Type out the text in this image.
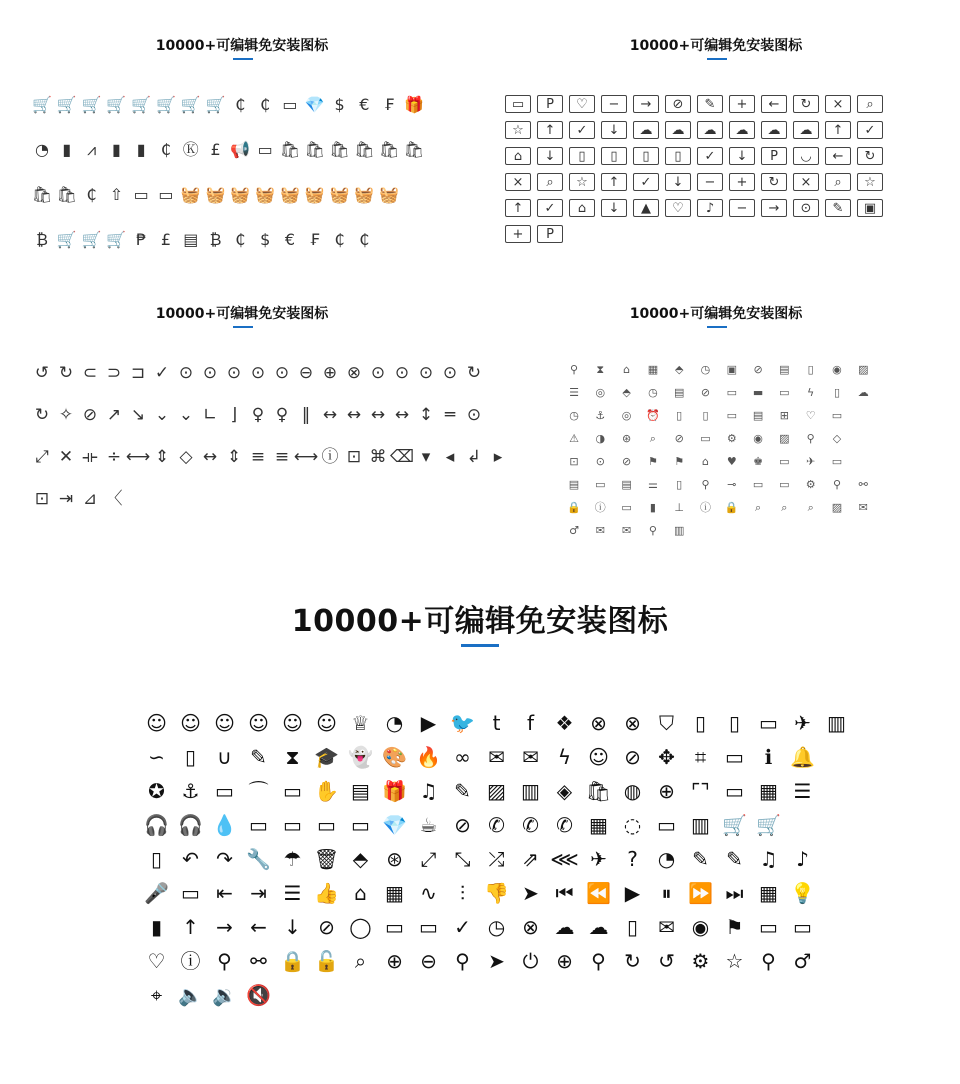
10000+可编辑免安装图标	10000+可编辑免安装图标
10000+可编辑免安装图标	10000+可编辑免安装图标
10000+可编辑免安装图标
🛒 🛒 🛒 🛒 🛒 🛒 🛒 🛒 ₵ ₵ ▭ 💎 $ € ₣ 🎁
◔ ▮ ⩘ ▮ ▮ ₵ Ⓚ £ 📢 ▭ 🛍 🛍 🛍 🛍 🛍 🛍
🛍 🛍 ₵ ⇧ ▭ ▭ 🧺 🧺 🧺 🧺 🧺 🧺 🧺 🧺 🧺
₿ 🛒 🛒 🛒 ₱ £ ▤ ₿ ₵ $ € ₣ ₵ ₵
▭	P	♡	−	→	⊘	✎	+	←	↻	×	⌕
☆	↑	✓	↓	☁	☁	☁	☁	☁	☁	↑	✓
⌂	↓	▯	▯	▯	▯	✓	↓	P	◡	←	↻
×	⌕	☆	↑	✓	↓	−	+	↻	×	⌕	☆
↑	✓	⌂	↓	▲	♡	♪	−	→	⊙	✎	▣
+	P
↺ ↻ ⊂ ⊃ ⊐ ✓ ⊙ ⊙ ⊙ ⊙ ⊙ ⊖ ⊕ ⊗ ⊙ ⊙ ⊙ ⊙ ↻
↻ ✧ ⊘ ↗ ↘ ⌄ ⌄ ∟ ⌋ ♀ ♀ ‖ ↔ ↔ ↔ ↔ ↕ ═ ⊙
⤢ ✕ ⟛ ÷ ⟷ ⇕ ◇ ↔ ⇕ ≡ ≡ ⟷ ⓘ ⊡ ⌘ ⌫ ▾ ◂ ↲ ▸
⊡ ⇥ ⊿ 〈
⚲	⧗	⌂	▦	⬘	◷	▣	⊘	▤	▯	◉	▨
☰	◎	⬘	◷	▤	⊘	▭	▬	▭	ϟ	▯	☁
◷	⚓	◎	⏰	▯	▯	▭	▤	⊞	♡	▭
⚠	◑	⊛	⌕	⊘	▭	⚙	◉	▨	⚲	◇
⊡	⊙	⊘	⚑	⚑	⌂	♥	♚	▭	✈	▭
▤	▭	▤	⚌	▯	⚲	⊸	▭	▭	⚙	⚲	⚯
🔒	ⓘ	▭	▮	⊥	ⓘ	🔒	⌕	⌕	⌕	▨	✉
♂	✉	✉	⚲	▥
☺ ☺ ☺ ☺ ☺ ☺ ♕ ◔ ▶ 🐦 t	f	❖ ⊗ ⊗ ⛉	▯	▯ ▭ ✈ ▥
∽	▯	∪ ✎ ⧗ 🎓 👻 🎨 🔥 ∞ ✉ ✉ ϟ ☺ ⊘ ✥ ⌗ ▭	ℹ 🔔
✪ ⚓ ▭ ⌒ ▭ ✋ ▤ 🎁 ♫ ✎ ▨ ▥ ◈ 🛍 ◍ ⊕ ⌜⌝ ▭ ▦ ☰
🎧 🎧 💧 ▭ ▭ ▭ ▭ 💎 ☕ ⊘ ✆ ✆ ✆ ▦ ◌ ▭ ▥ 🛒 🛒
▯	↶ ↷ 🔧 ☂ 🗑 ⬘ ⊛ ⤢ ⤡ ⤮ ⇗ ⋘ ✈	? ◔ ✎ ✎ ♫ ♪
🎤 ▭ ⇤ ⇥ ☰ 👍 ⌂ ▦ ∿	⫶ 👎 ➤ ⏮ ⏪ ▶	⏸ ⏩ ⏭ ▦ 💡
▮	↑ → ← ↓ ⊘ ◯ ▭ ▭ ✓ ◷ ⊗ ☁ ☁ ▯	✉ ◉ ⚑ ▭ ▭
♡ ⓘ ⚲ ⚯ 🔒 🔓 ⌕	⊕ ⊖ ⚲ ➤ ⏻ ⊕ ⚲ ↻ ↺ ⚙ ☆ ⚲ ♂
⌖ 🔈 🔉 🔇
